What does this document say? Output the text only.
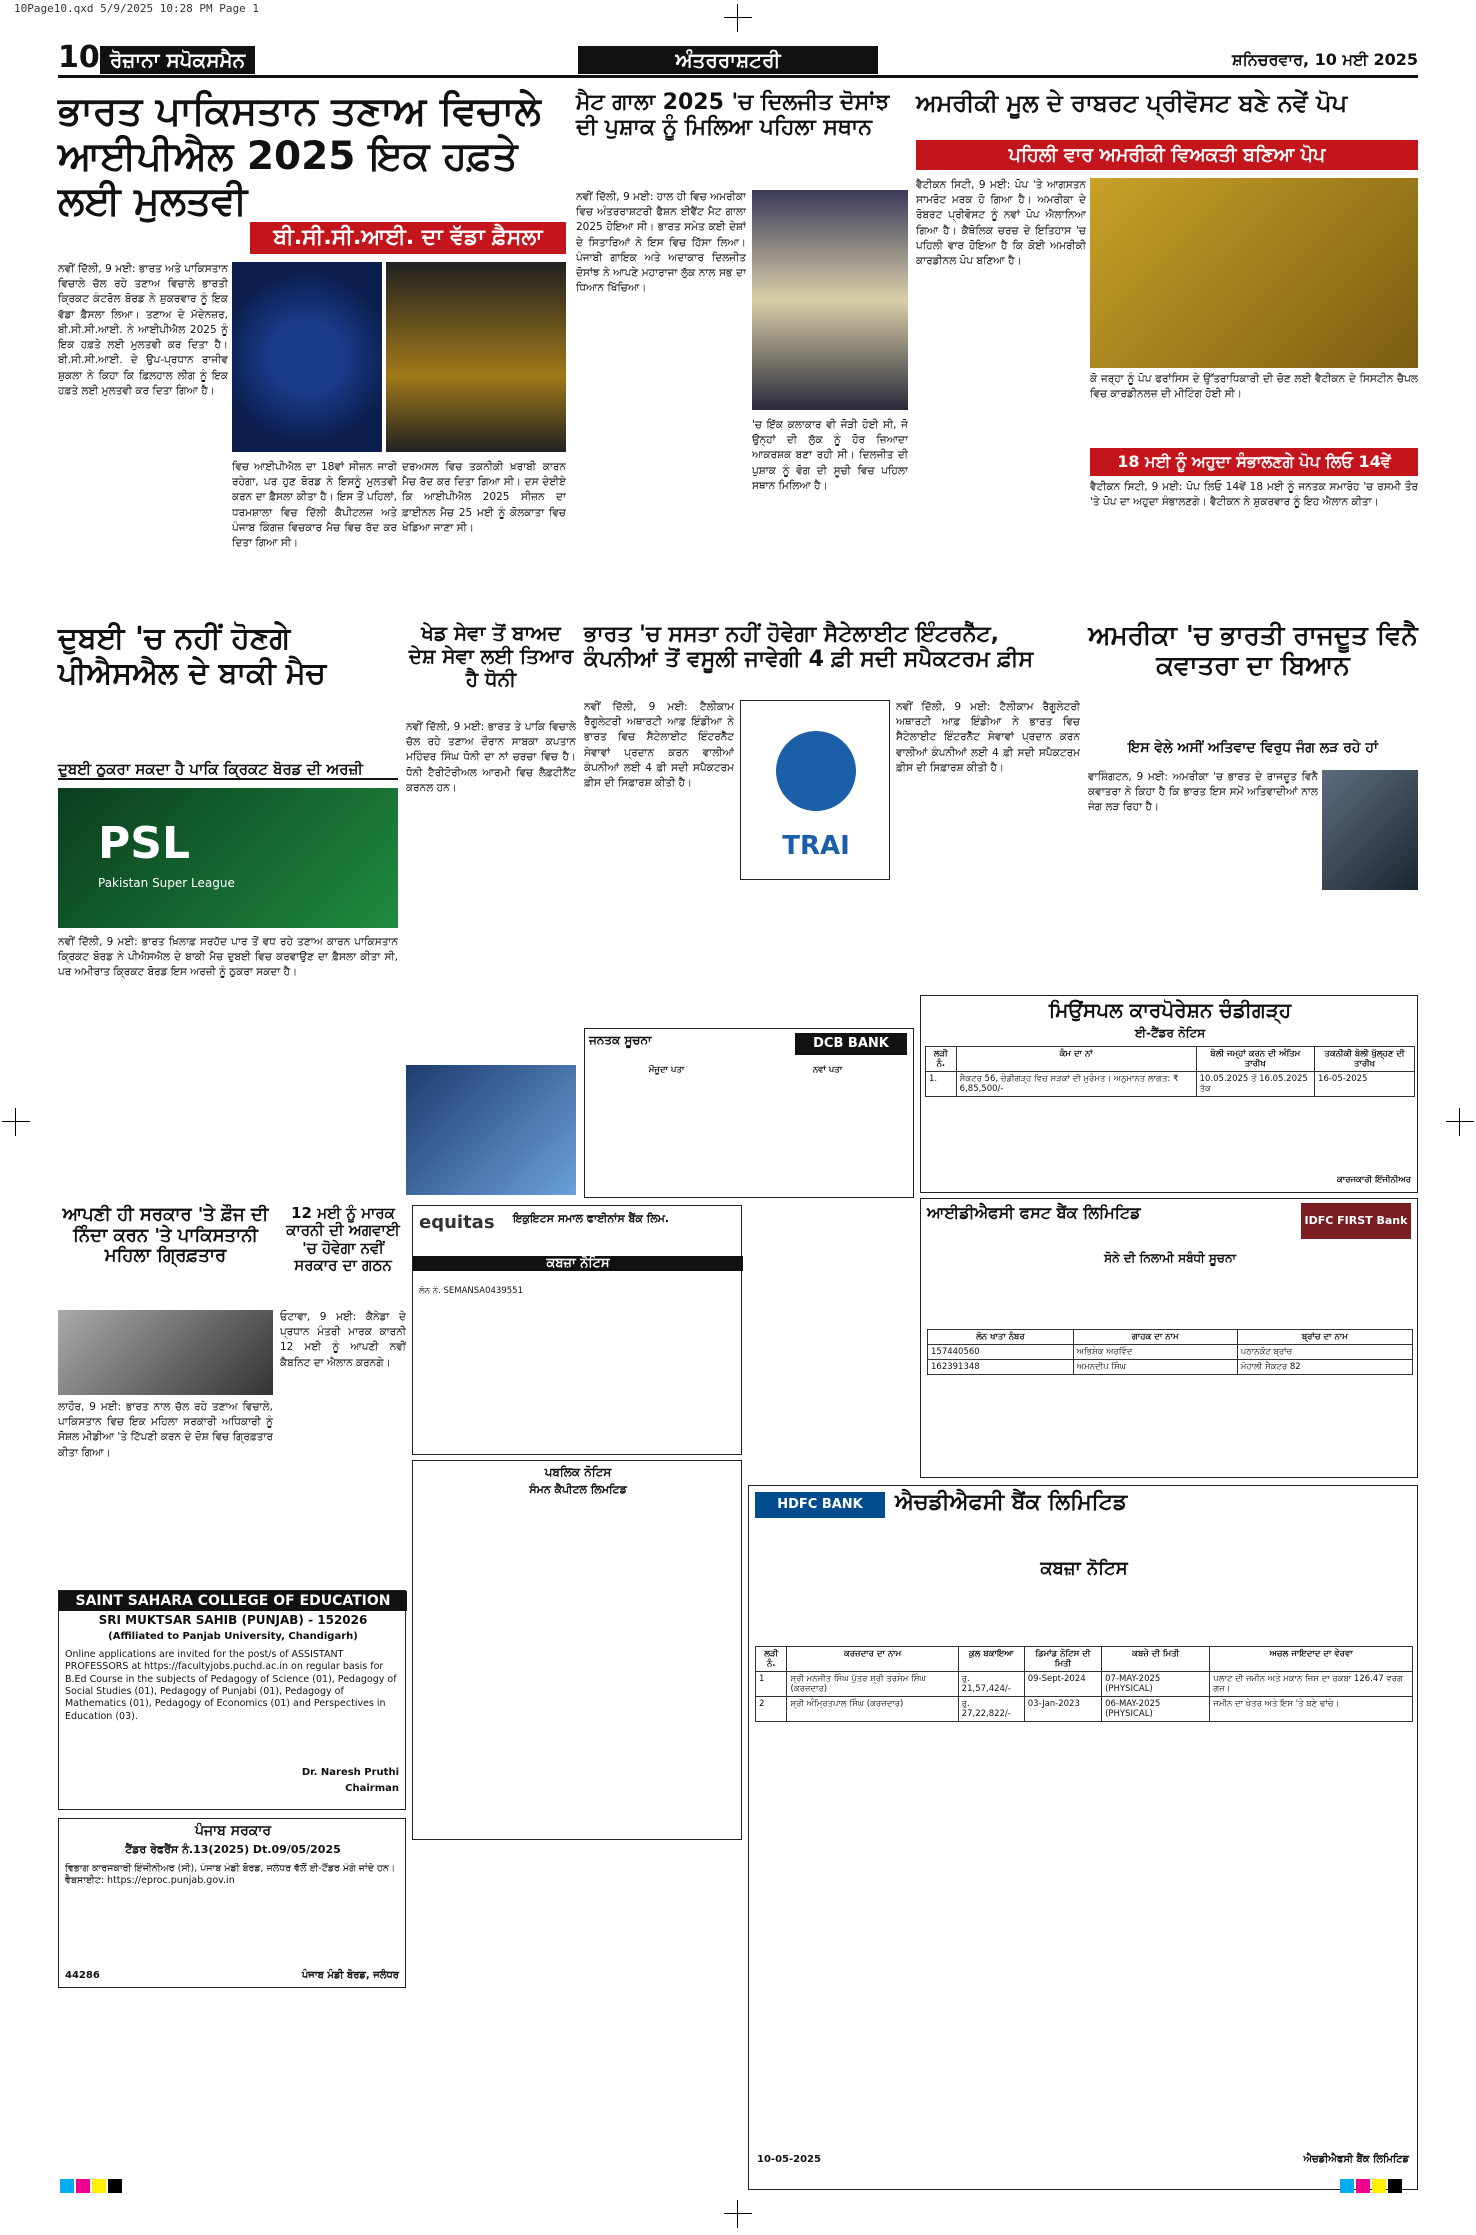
10Page10.qxd 5/9/2025 10:28 PM Page 1
10 ਰੋਜ਼ਾਨਾ ਸਪੋਕਸਮੈਨ	ਅੰਤਰਰਾਸ਼ਟਰੀ	ਸ਼ਨਿਚਰਵਾਰ, 10 ਮਈ 2025
ਭਾਰਤ ਪਾਕਿਸਤਾਨ ਤਣਾਅ ਵਿਚਾਲੇ ਆਈਪੀਐਲ 2025 ਇਕ ਹਫ਼ਤੇ ਲਈ ਮੁਲਤਵੀ
ਬੀ.ਸੀ.ਸੀ.ਆਈ. ਦਾ ਵੱਡਾ ਫ਼ੈਸਲਾ
ਨਵੀਂ ਦਿੱਲੀ, 9 ਮਈ: ਭਾਰਤ ਅਤੇ ਪਾਕਿਸਤਾਨ ਵਿਚਾਲੇ ਚੱਲ ਰਹੇ ਤਣਾਅ ਵਿਚਾਲੇ ਭਾਰਤੀ ਕ੍ਰਿਕਟ ਕੰਟਰੋਲ ਬੋਰਡ ਨੇ ਸ਼ੁਕਰਵਾਰ ਨੂੰ ਇਕ ਵੱਡਾ ਫ਼ੈਸਲਾ ਲਿਆ। ਤਣਾਅ ਦੇ ਮੱਦੇਨਜ਼ਰ, ਬੀ.ਸੀ.ਸੀ.ਆਈ. ਨੇ ਆਈਪੀਐਲ 2025 ਨੂੰ ਇਕ ਹਫ਼ਤੇ ਲਈ ਮੁਲਤਵੀ ਕਰ ਦਿਤਾ ਹੈ। ਬੀ.ਸੀ.ਸੀ.ਆਈ. ਦੇ ਉਪ-ਪ੍ਰਧਾਨ ਰਾਜੀਵ ਸ਼ੁਕਲਾ ਨੇ ਕਿਹਾ ਕਿ ਫ਼ਿਲਹਾਲ ਲੀਗ ਨੂੰ ਇਕ ਹਫ਼ਤੇ ਲਈ ਮੁਲਤਵੀ ਕਰ ਦਿਤਾ ਗਿਆ ਹੈ।
ਵਿਚ ਆਈਪੀਐਲ ਦਾ 18ਵਾਂ ਸੀਜ਼ਨ ਜਾਰੀ ਰਹੇਗਾ, ਪਰ ਹੁਣ ਬੋਰਡ ਨੇ ਇਸਨੂੰ ਮੁਲਤਵੀ ਕਰਨ ਦਾ ਫ਼ੈਸਲਾ ਕੀਤਾ ਹੈ। ਇਸ ਤੋਂ ਪਹਿਲਾਂ, ਧਰਮਸ਼ਾਲਾ ਵਿਚ ਦਿੱਲੀ ਕੈਪੀਟਲਜ਼ ਅਤੇ ਪੰਜਾਬ ਕਿੰਗਜ਼ ਵਿਚਕਾਰ ਮੈਚ ਵਿਚ ਰੱਦ ਕਰ ਦਿਤਾ ਗਿਆ ਸੀ।
ਦਰਅਸਲ ਵਿਚ ਤਕਨੀਕੀ ਖ਼ਰਾਬੀ ਕਾਰਨ ਮੈਚ ਰੱਦ ਕਰ ਦਿਤਾ ਗਿਆ ਸੀ। ਦਸ ਦੇਈਏ ਕਿ ਆਈਪੀਐਲ 2025 ਸੀਜ਼ਨ ਦਾ ਫ਼ਾਈਨਲ ਮੈਚ 25 ਮਈ ਨੂੰ ਕੋਲਕਾਤਾ ਵਿਚ ਖੇਡਿਆ ਜਾਣਾ ਸੀ।
ਮੈਟ ਗਾਲਾ 2025 'ਚ ਦਿਲਜੀਤ ਦੋਸਾਂਝ ਦੀ ਪੁਸ਼ਾਕ ਨੂੰ ਮਿਲਿਆ ਪਹਿਲਾ ਸਥਾਨ
ਨਵੀਂ ਦਿੱਲੀ, 9 ਮਈ: ਹਾਲ ਹੀ ਵਿਚ ਅਮਰੀਕਾ ਵਿਚ ਅੰਤਰਰਾਸ਼ਟਰੀ ਫੈਸ਼ਨ ਈਵੈਂਟ ਮੈਟ ਗਾਲਾ 2025 ਹੋਇਆ ਸੀ। ਭਾਰਤ ਸਮੇਤ ਕਈ ਦੇਸ਼ਾਂ ਦੇ ਸਿਤਾਰਿਆਂ ਨੇ ਇਸ ਵਿਚ ਹਿੱਸਾ ਲਿਆ। ਪੰਜਾਬੀ ਗਾਇਕ ਅਤੇ ਅਦਾਕਾਰ ਦਿਲਜੀਤ ਦੋਸਾਂਝ ਨੇ ਆਪਣੇ ਮਹਾਰਾਜਾ ਲੁੱਕ ਨਾਲ ਸਭ ਦਾ ਧਿਆਨ ਖਿੱਚਿਆ।
'ਚ ਇੱਕ ਕਲਾਕਾਰ ਵੀ ਜੋੜੀ ਹੋਈ ਸੀ, ਜੋ ਉਨ੍ਹਾਂ ਦੀ ਲੁੱਕ ਨੂੰ ਹੋਰ ਜ਼ਿਆਦਾ ਆਕਰਸ਼ਕ ਬਣਾ ਰਹੀ ਸੀ। ਦਿਲਜੀਤ ਦੀ ਪੁਸ਼ਾਕ ਨੂੰ ਵੋਗ ਦੀ ਸੂਚੀ ਵਿਚ ਪਹਿਲਾ ਸਥਾਨ ਮਿਲਿਆ ਹੈ।
ਅਮਰੀਕੀ ਮੂਲ ਦੇ ਰਾਬਰਟ ਪ੍ਰੀਵੋਸਟ ਬਣੇ ਨਵੇਂ ਪੋਪ
ਪਹਿਲੀ ਵਾਰ ਅਮਰੀਕੀ ਵਿਅਕਤੀ ਬਣਿਆ ਪੋਪ
ਵੈਟੀਕਨ ਸਿਟੀ, 9 ਮਈ: ਪੋਪ 'ਤੇ ਆਗਸਤਨ ਸਾਮਰੋਟ ਮਰਕ ਹੋ ਗਿਆ ਹੈ। ਅਮਰੀਕਾ ਦੇ ਰੋਬਰਟ ਪ੍ਰੀਵੋਸਟ ਨੂੰ ਨਵਾਂ ਪੋਪ ਐਲਾਨਿਆ ਗਿਆ ਹੈ। ਕੈਥੋਲਿਕ ਚਰਚ ਦੇ ਇਤਿਹਾਸ 'ਚ ਪਹਿਲੀ ਵਾਰ ਹੋਇਆ ਹੈ ਕਿ ਕੋਈ ਅਮਰੀਕੀ ਕਾਰਡੀਨਲ ਪੋਪ ਬਣਿਆ ਹੈ।
ਕੋ ਜਰ੍ਹਾ ਨੂੰ ਪੋਪ ਫਰਾਂਸਿਸ ਦੇ ਉੱਤਰਾਧਿਕਾਰੀ ਦੀ ਚੋਣ ਲਈ ਵੈਟੀਕਨ ਦੇ ਸਿਸਟੀਨ ਚੈਪਲ ਵਿਚ ਕਾਰਡੀਨਲਜ਼ ਦੀ ਮੀਟਿੰਗ ਹੋਈ ਸੀ।
18 ਮਈ ਨੂੰ ਅਹੁਦਾ ਸੰਭਾਲਣਗੇ ਪੋਪ ਲਿਓ 14ਵੇਂ
ਵੈਟੀਕਨ ਸਿਟੀ, 9 ਮਈ: ਪੋਪ ਲਿਓ 14ਵੇਂ 18 ਮਈ ਨੂੰ ਜਨਤਕ ਸਮਾਰੋਹ 'ਚ ਰਸਮੀ ਤੌਰ 'ਤੇ ਪੋਪ ਦਾ ਅਹੁਦਾ ਸੰਭਾਲਣਗੇ। ਵੈਟੀਕਨ ਨੇ ਸ਼ੁਕਰਵਾਰ ਨੂੰ ਇਹ ਐਲਾਨ ਕੀਤਾ।
ਦੁਬਈ 'ਚ ਨਹੀਂ ਹੋਣਗੇ ਪੀਐਸਐਲ ਦੇ ਬਾਕੀ ਮੈਚ
ਦੁਬਈ ਠੁਕਰਾ ਸਕਦਾ ਹੈ ਪਾਕਿ ਕ੍ਰਿਕਟ ਬੋਰਡ ਦੀ ਅਰਜ਼ੀ
PSL
Pakistan Super League
ਨਵੀਂ ਦਿੱਲੀ, 9 ਮਈ: ਭਾਰਤ ਖ਼ਿਲਾਫ਼ ਸਰਹੱਦ ਪਾਰ ਤੋਂ ਵਧ ਰਹੇ ਤਣਾਅ ਕਾਰਨ ਪਾਕਿਸਤਾਨ ਕ੍ਰਿਕਟ ਬੋਰਡ ਨੇ ਪੀਐਸਐਲ ਦੇ ਬਾਕੀ ਮੈਚ ਦੁਬਈ ਵਿਚ ਕਰਵਾਉਣ ਦਾ ਫ਼ੈਸਲਾ ਕੀਤਾ ਸੀ, ਪਰ ਅਮੀਰਾਤ ਕ੍ਰਿਕਟ ਬੋਰਡ ਇਸ ਅਰਜ਼ੀ ਨੂੰ ਠੁਕਰਾ ਸਕਦਾ ਹੈ।
ਖੇਡ ਸੇਵਾ ਤੋਂ ਬਾਅਦ ਦੇਸ਼ ਸੇਵਾ ਲਈ ਤਿਆਰ ਹੈ ਧੋਨੀ
ਨਵੀਂ ਦਿੱਲੀ, 9 ਮਈ: ਭਾਰਤ ਤੇ ਪਾਕਿ ਵਿਚਾਲੇ ਚੱਲ ਰਹੇ ਤਣਾਅ ਦੌਰਾਨ ਸਾਬਕਾ ਕਪਤਾਨ ਮਹਿੰਦਰ ਸਿੰਘ ਧੋਨੀ ਦਾ ਨਾਂ ਚਰਚਾ ਵਿਚ ਹੈ। ਧੋਨੀ ਟੈਰੀਟੋਰੀਅਲ ਆਰਮੀ ਵਿਚ ਲੈਫ਼ਟੀਨੈਂਟ ਕਰਨਲ ਹਨ।
ਭਾਰਤ 'ਚ ਸਸਤਾ ਨਹੀਂ ਹੋਵੇਗਾ ਸੈਟੇਲਾਈਟ ਇੰਟਰਨੈੱਟ, ਕੰਪਨੀਆਂ ਤੋਂ ਵਸੂਲੀ ਜਾਵੇਗੀ 4 ਫ਼ੀ ਸਦੀ ਸਪੈਕਟਰਮ ਫ਼ੀਸ
ਨਵੀਂ ਦਿੱਲੀ, 9 ਮਈ: ਟੈਲੀਕਾਮ ਰੈਗੂਲੇਟਰੀ ਅਥਾਰਟੀ ਆਫ਼ ਇੰਡੀਆ ਨੇ ਭਾਰਤ ਵਿਚ ਸੈਟੇਲਾਈਟ ਇੰਟਰਨੈੱਟ ਸੇਵਾਵਾਂ ਪ੍ਰਦਾਨ ਕਰਨ ਵਾਲੀਆਂ ਕੰਪਨੀਆਂ ਲਈ 4 ਫ਼ੀ ਸਦੀ ਸਪੈਕਟਰਮ ਫ਼ੀਸ ਦੀ ਸਿਫ਼ਾਰਸ਼ ਕੀਤੀ ਹੈ।
TRAI
ਨਵੀਂ ਦਿੱਲੀ, 9 ਮਈ: ਟੈਲੀਕਾਮ ਰੈਗੂਲੇਟਰੀ ਅਥਾਰਟੀ ਆਫ਼ ਇੰਡੀਆ ਨੇ ਭਾਰਤ ਵਿਚ ਸੈਟੇਲਾਈਟ ਇੰਟਰਨੈੱਟ ਸੇਵਾਵਾਂ ਪ੍ਰਦਾਨ ਕਰਨ ਵਾਲੀਆਂ ਕੰਪਨੀਆਂ ਲਈ 4 ਫ਼ੀ ਸਦੀ ਸਪੈਕਟਰਮ ਫ਼ੀਸ ਦੀ ਸਿਫ਼ਾਰਸ਼ ਕੀਤੀ ਹੈ।
ਅਮਰੀਕਾ 'ਚ ਭਾਰਤੀ ਰਾਜਦੂਤ ਵਿਨੈ ਕਵਾਤਰਾ ਦਾ ਬਿਆਨ
ਇਸ ਵੇਲੇ ਅਸੀਂ ਅਤਿਵਾਦ ਵਿਰੁਧ ਜੰਗ ਲੜ ਰਹੇ ਹਾਂ
ਵਾਸ਼ਿੰਗਟਨ, 9 ਮਈ: ਅਮਰੀਕਾ 'ਚ ਭਾਰਤ ਦੇ ਰਾਜਦੂਤ ਵਿਨੈ ਕਵਾਤਰਾ ਨੇ ਕਿਹਾ ਹੈ ਕਿ ਭਾਰਤ ਇਸ ਸਮੇਂ ਅਤਿਵਾਦੀਆਂ ਨਾਲ ਜੰਗ ਲੜ ਰਿਹਾ ਹੈ।
ਜਨਤਕ ਸੂਚਨਾ	DCB BANK
ਮੌਜੂਦਾ ਪਤਾ	ਨਵਾਂ ਪਤਾ
ਮਿਉਂਸਪਲ ਕਾਰਪੋਰੇਸ਼ਨ ਚੰਡੀਗੜ੍ਹ
ਈ-ਟੈਂਡਰ ਨੋਟਿਸ
ਲੜੀ ਨੰ.	ਕੰਮ ਦਾ ਨਾਂ	ਬੋਲੀ ਜਮ੍ਹਾਂ ਕਰਨ ਦੀ ਅੰਤਿਮ ਤਾਰੀਖ	ਤਕਨੀਕੀ ਬੋਲੀ ਖੁੱਲ੍ਹਣ ਦੀ ਤਾਰੀਖ
1.	ਸੈਕਟਰ 56, ਚੰਡੀਗੜ੍ਹ ਵਿਚ ਸੜਕਾਂ ਦੀ ਮੁਰੰਮਤ। ਅਨੁਮਾਨਤ ਲਾਗਤ: ₹ 6,85,500/-	10.05.2025 ਤੋਂ 16.05.2025 ਤੱਕ	16-05-2025
ਕਾਰਜਕਾਰੀ ਇੰਜੀਨੀਅਰ
ਆਪਣੀ ਹੀ ਸਰਕਾਰ 'ਤੇ ਫ਼ੌਜ ਦੀ ਨਿੰਦਾ ਕਰਨ 'ਤੇ ਪਾਕਿਸਤਾਨੀ ਮਹਿਲਾ ਗ੍ਰਿਫ਼ਤਾਰ
ਲਾਹੌਰ, 9 ਮਈ: ਭਾਰਤ ਨਾਲ ਚੱਲ ਰਹੇ ਤਣਾਅ ਵਿਚਾਲੇ, ਪਾਕਿਸਤਾਨ ਵਿਚ ਇਕ ਮਹਿਲਾ ਸਰਕਾਰੀ ਅਧਿਕਾਰੀ ਨੂੰ ਸੋਸ਼ਲ ਮੀਡੀਆ 'ਤੇ ਟਿੱਪਣੀ ਕਰਨ ਦੇ ਦੋਸ਼ ਵਿਚ ਗ੍ਰਿਫ਼ਤਾਰ ਕੀਤਾ ਗਿਆ।
12 ਮਈ ਨੂੰ ਮਾਰਕ ਕਾਰਨੀ ਦੀ ਅਗਵਾਈ 'ਚ ਹੋਵੇਗਾ ਨਵੀਂ ਸਰਕਾਰ ਦਾ ਗਠਨ
ਓਟਾਵਾ, 9 ਮਈ: ਕੈਨੇਡਾ ਦੇ ਪ੍ਰਧਾਨ ਮੰਤਰੀ ਮਾਰਕ ਕਾਰਨੀ 12 ਮਈ ਨੂੰ ਆਪਣੀ ਨਵੀਂ ਕੈਬਨਿਟ ਦਾ ਐਲਾਨ ਕਰਨਗੇ।
equitas ਇਕੁਇਟਸ ਸਮਾਲ ਫਾਈਨਾਂਸ ਬੈਂਕ ਲਿਮ.
ਕਬਜ਼ਾ ਨੋਟਿਸ
ਲੋਨ ਨੰ. SEMANSA0439551
ਪਬਲਿਕ ਨੋਟਿਸ
ਸੰਮਨ ਕੈਪੀਟਲ ਲਿਮਟਿਡ
ਆਈਡੀਐਫਸੀ ਫਸਟ ਬੈਂਕ ਲਿਮਿਟਿਡ	IDFC FIRST Bank
ਸੋਨੇ ਦੀ ਨਿਲਾਮੀ ਸਬੰਧੀ ਸੂਚਨਾ
ਲੋਨ ਖਾਤਾ ਨੰਬਰ	ਗਾਹਕ ਦਾ ਨਾਮ	ਬ੍ਰਾਂਚ ਦਾ ਨਾਮ
157440560	ਅਭਿਸ਼ੇਕ ਅਰਵਿੰਦ	ਪਠਾਨਕੋਟ ਬ੍ਰਾਂਚ
162391348	ਅਮਨਦੀਪ ਸਿੰਘ	ਮੋਹਾਲੀ ਸੈਕਟਰ 82
SAINT SAHARA COLLEGE OF EDUCATION
SRI MUKTSAR SAHIB (PUNJAB) - 152026
(Affiliated to Panjab University, Chandigarh)
Online applications are invited for the post/s of ASSISTANT PROFESSORS at https://facultyjobs.puchd.ac.in on regular basis for B.Ed Course in the subjects of Pedagogy of Science (01), Pedagogy of Social Studies (01), Pedagogy of Punjabi (01), Pedagogy of Mathematics (01), Pedagogy of Economics (01) and Perspectives in Education (03).
Dr. Naresh Pruthi
Chairman
ਪੰਜਾਬ ਸਰਕਾਰ
ਟੈਂਡਰ ਰੇਫਰੈਂਸ ਨੰ.13(2025) Dt.09/05/2025
ਵਿਭਾਗ ਕਾਰਜਕਾਰੀ ਇੰਜੀਨੀਅਰ (ਸੀ), ਪੰਜਾਬ ਮੰਡੀ ਬੋਰਡ, ਜਲੰਧਰ ਵੱਲੋਂ ਈ-ਟੈਂਡਰ ਮੰਗੇ ਜਾਂਦੇ ਹਨ। ਵੈਬਸਾਈਟ: https://eproc.punjab.gov.in
44286	ਪੰਜਾਬ ਮੰਡੀ ਬੋਰਡ, ਜਲੰਧਰ
HDFC BANK	ਐਚਡੀਐਫਸੀ ਬੈਂਕ ਲਿਮਿਟਿਡ
ਕਬਜ਼ਾ ਨੋਟਿਸ
ਲੜੀ ਨੰ.	ਕਰਜ਼ਦਾਰ ਦਾ ਨਾਮ	ਕੁਲ ਬਕਾਇਆ	ਡਿਮਾਂਡ ਨੋਟਿਸ ਦੀ ਮਿਤੀ	ਕਬਜ਼ੇ ਦੀ ਮਿਤੀ	ਅਚਲ ਜਾਇਦਾਦ ਦਾ ਵੇਰਵਾ
1	ਸ਼੍ਰੀ ਮਨਜੀਤ ਸਿੰਘ ਪੁੱਤਰ ਸ਼੍ਰੀ ਤਰਸੇਮ ਸਿੰਘ (ਕਰਜ਼ਦਾਰ)	ਰੁ. 21,57,424/-	09-Sept-2024	07-MAY-2025 (PHYSICAL)	ਪਲਾਟ ਦੀ ਜਮੀਨ ਅਤੇ ਮਕਾਨ ਜਿਸ ਦਾ ਰਕਬਾ 126.47 ਵਰਗ ਗਜ਼।
2	ਸ਼੍ਰੀ ਅੰਮ੍ਰਿਤਪਾਲ ਸਿੰਘ (ਕਰਜ਼ਦਾਰ)	ਰੁ. 27,22,822/-	03-Jan-2023	06-MAY-2025 (PHYSICAL)	ਜਮੀਨ ਦਾ ਖੇਤਰ ਅਤੇ ਇਸ 'ਤੇ ਬਣੇ ਢਾਂਚੇ।
10-05-2025	ਐਚਡੀਐਫਸੀ ਬੈਂਕ ਲਿਮਿਟਿਡ
